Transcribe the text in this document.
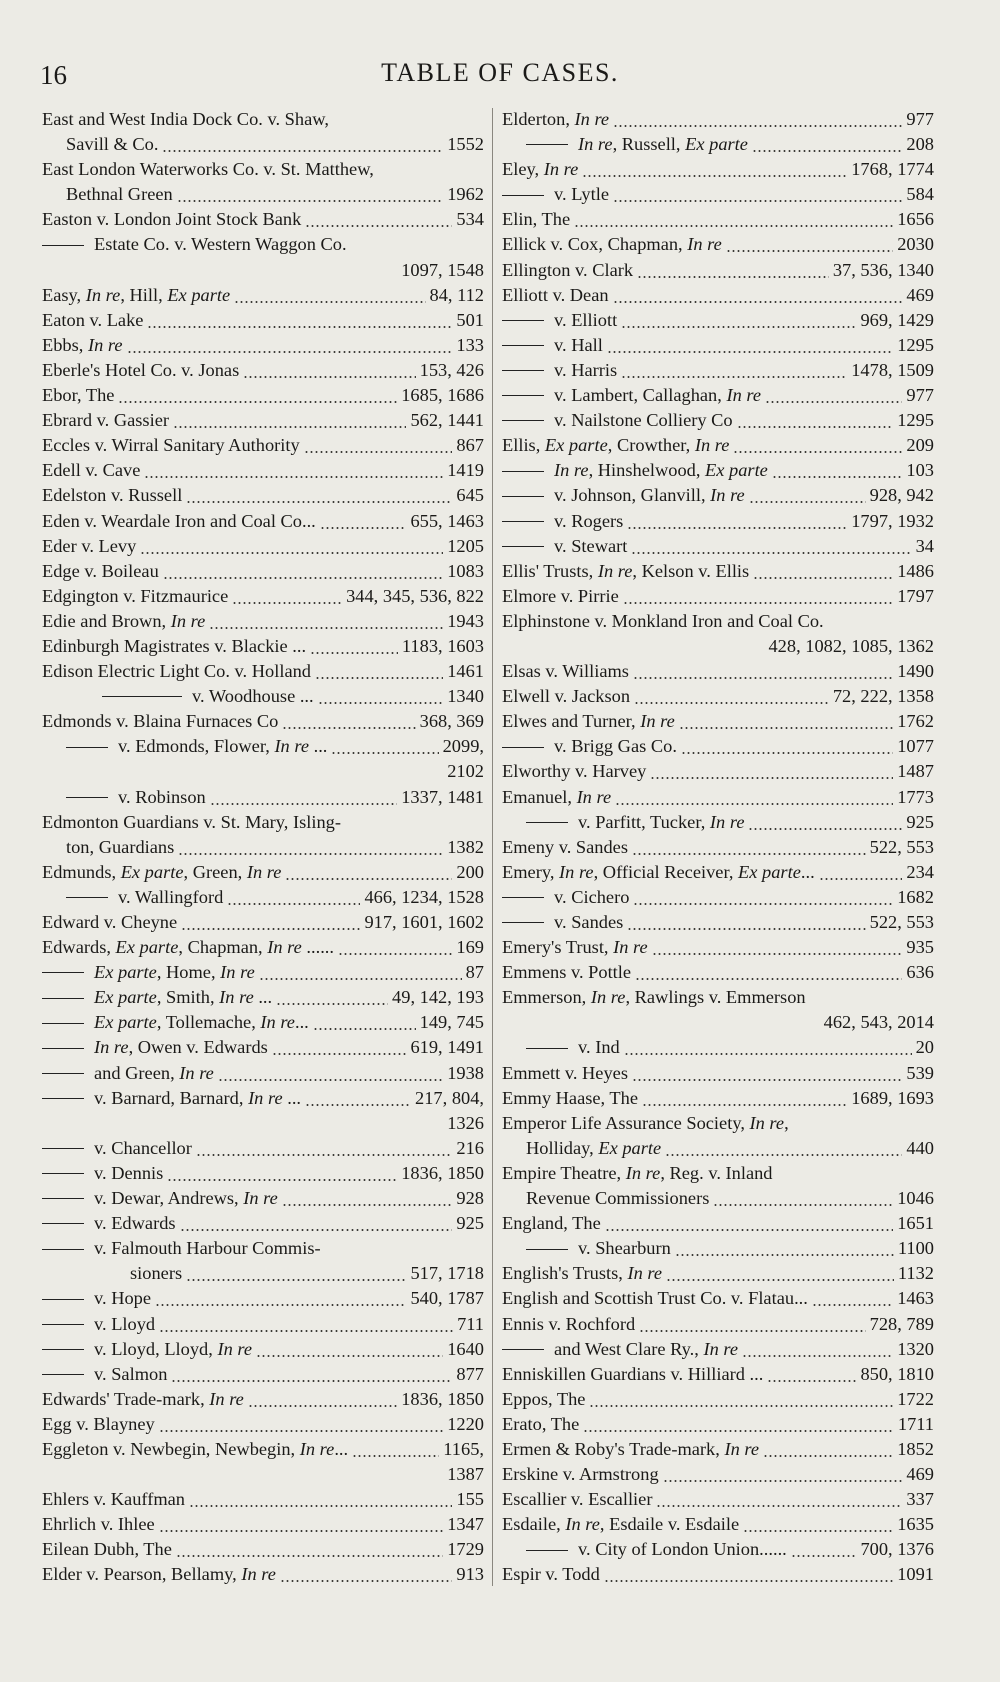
16	TABLE OF CASES.
East and West India Dock Co. v. Shaw,
Savill & Co.	1552
East London Waterworks Co. v. St. Matthew,
Bethnal Green	1962
Easton v. London Joint Stock Bank	534
Estate Co. v. Western Waggon Co.
1097, 1548
Easy, In re, Hill, Ex parte	84, 112
Eaton v. Lake	501
Ebbs, In re	133
Eberle's Hotel Co. v. Jonas	153, 426
Ebor, The	1685, 1686
Ebrard v. Gassier	562, 1441
Eccles v. Wirral Sanitary Authority	867
Edell v. Cave	1419
Edelston v. Russell	645
Eden v. Weardale Iron and Coal Co...	655, 1463
Eder v. Levy	1205
Edge v. Boileau	1083
Edgington v. Fitzmaurice	344, 345, 536, 822
Edie and Brown, In re	1943
Edinburgh Magistrates v. Blackie ...	1183, 1603
Edison Electric Light Co. v. Holland	1461
v. Woodhouse ...	1340
Edmonds v. Blaina Furnaces Co	368, 369
v. Edmonds, Flower, In re ...	2099,
2102
v. Robinson	1337, 1481
Edmonton Guardians v. St. Mary, Isling-
ton, Guardians	1382
Edmunds, Ex parte, Green, In re	200
v. Wallingford	466, 1234, 1528
Edward v. Cheyne	917, 1601, 1602
Edwards, Ex parte, Chapman, In re ......	169
Ex parte, Home, In re	87
Ex parte, Smith, In re ...	49, 142, 193
Ex parte, Tollemache, In re...	149, 745
In re, Owen v. Edwards	619, 1491
and Green, In re	1938
v. Barnard, Barnard, In re ...	217, 804,
1326
v. Chancellor	216
v. Dennis	1836, 1850
v. Dewar, Andrews, In re	928
v. Edwards	925
v. Falmouth Harbour Commis-
sioners	517, 1718
v. Hope	540, 1787
v. Lloyd	711
v. Lloyd, Lloyd, In re	1640
v. Salmon	877
Edwards' Trade-mark, In re	1836, 1850
Egg v. Blayney	1220
Eggleton v. Newbegin, Newbegin, In re...	1165,
1387
Ehlers v. Kauffman	155
Ehrlich v. Ihlee	1347
Eilean Dubh, The	1729
Elder v. Pearson, Bellamy, In re	913
Elderton, In re	977
In re, Russell, Ex parte	208
Eley, In re	1768, 1774
v. Lytle	584
Elin, The	1656
Ellick v. Cox, Chapman, In re	2030
Ellington v. Clark	37, 536, 1340
Elliott v. Dean	469
v. Elliott	969, 1429
v. Hall	1295
v. Harris	1478, 1509
v. Lambert, Callaghan, In re	977
v. Nailstone Colliery Co	1295
Ellis, Ex parte, Crowther, In re	209
In re, Hinshelwood, Ex parte	103
v. Johnson, Glanvill, In re	928, 942
v. Rogers	1797, 1932
v. Stewart	34
Ellis' Trusts, In re, Kelson v. Ellis	1486
Elmore v. Pirrie	1797
Elphinstone v. Monkland Iron and Coal Co.
428, 1082, 1085, 1362
Elsas v. Williams	1490
Elwell v. Jackson	72, 222, 1358
Elwes and Turner, In re	1762
v. Brigg Gas Co.	1077
Elworthy v. Harvey	1487
Emanuel, In re	1773
v. Parfitt, Tucker, In re	925
Emeny v. Sandes	522, 553
Emery, In re, Official Receiver, Ex parte...	234
v. Cichero	1682
v. Sandes	522, 553
Emery's Trust, In re	935
Emmens v. Pottle	636
Emmerson, In re, Rawlings v. Emmerson
462, 543, 2014
v. Ind	20
Emmett v. Heyes	539
Emmy Haase, The	1689, 1693
Emperor Life Assurance Society, In re,
Holliday, Ex parte	440
Empire Theatre, In re, Reg. v. Inland
Revenue Commissioners	1046
England, The	1651
v. Shearburn	1100
English's Trusts, In re	1132
English and Scottish Trust Co. v. Flatau...	1463
Ennis v. Rochford	728, 789
and West Clare Ry., In re	1320
Enniskillen Guardians v. Hilliard ...	850, 1810
Eppos, The	1722
Erato, The	1711
Ermen & Roby's Trade-mark, In re	1852
Erskine v. Armstrong	469
Escallier v. Escallier	337
Esdaile, In re, Esdaile v. Esdaile	1635
v. City of London Union......	700, 1376
Espir v. Todd	1091
